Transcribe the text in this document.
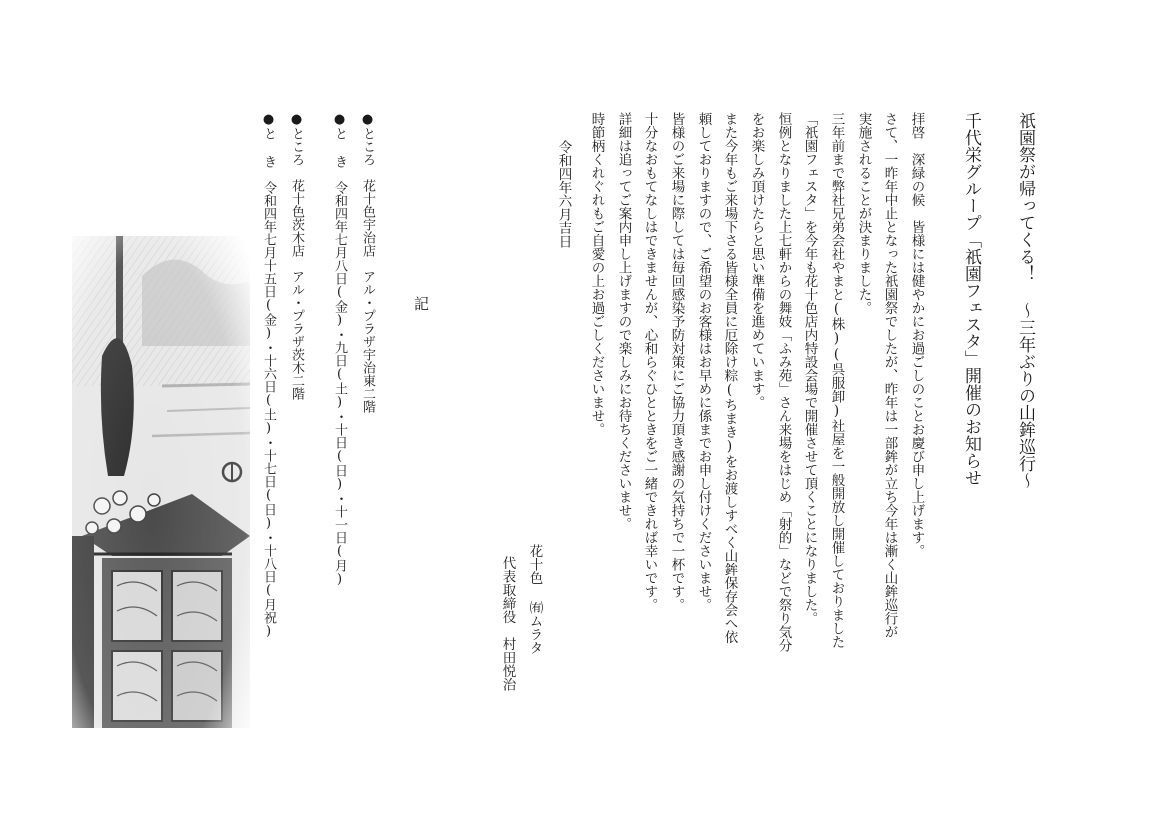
祇園祭が帰ってくる！ 〜三年ぶりの山鉾巡行〜
千代栄グループ「祇園フェスタ」開催のお知らせ
拝啓　深緑の候　皆様には健やかにお過ごしのことお慶び申し上げます。
さて、一昨年中止となった祇園祭でしたが、昨年は一部鉾が立ち今年は漸く山鉾巡行が
実施されることが決まりました。
三年前まで弊社兄弟会社やまと(株)(呉服卸)社屋を一般開放し開催しておりました
「祇園フェスタ」を今年も花十色店内特設会場で開催させて頂くことになりました。
恒例となりました上七軒からの舞妓「ふみ苑」さん来場をはじめ「射的」などで祭り気分
をお楽しみ頂けたらと思い準備を進めています。
また今年もご来場下さる皆様全員に厄除け粽(ちまき)をお渡しすべく山鉾保存会へ依
頼しておりますので、ご希望のお客様はお早めに係までお申し付けくださいませ。
皆様のご来場に際しては毎回感染予防対策にご協力頂き感謝の気持ちで一杯です。
十分なおもてなしはできませんが、心和らぐひとときをご一緒できれば幸いです。
詳細は追ってご案内申し上げますので楽しみにお待ちくださいませ。
時節柄くれぐれもご自愛の上お過ごしくださいませ。
令和四年六月吉日
花十色 ㈲ムラタ
代表取締役　村田悦治
記
●ところ　花十色宇治店　アル・プラザ宇治東二階
●と き　令和四年七月八日(金)・九日(土)・十日(日)・十一日(月)
●ところ　花十色茨木店　アル・プラザ茨木二階
●と き　令和四年七月十五日(金)・十六日(土)・十七日(日)・十八日(月祝)
